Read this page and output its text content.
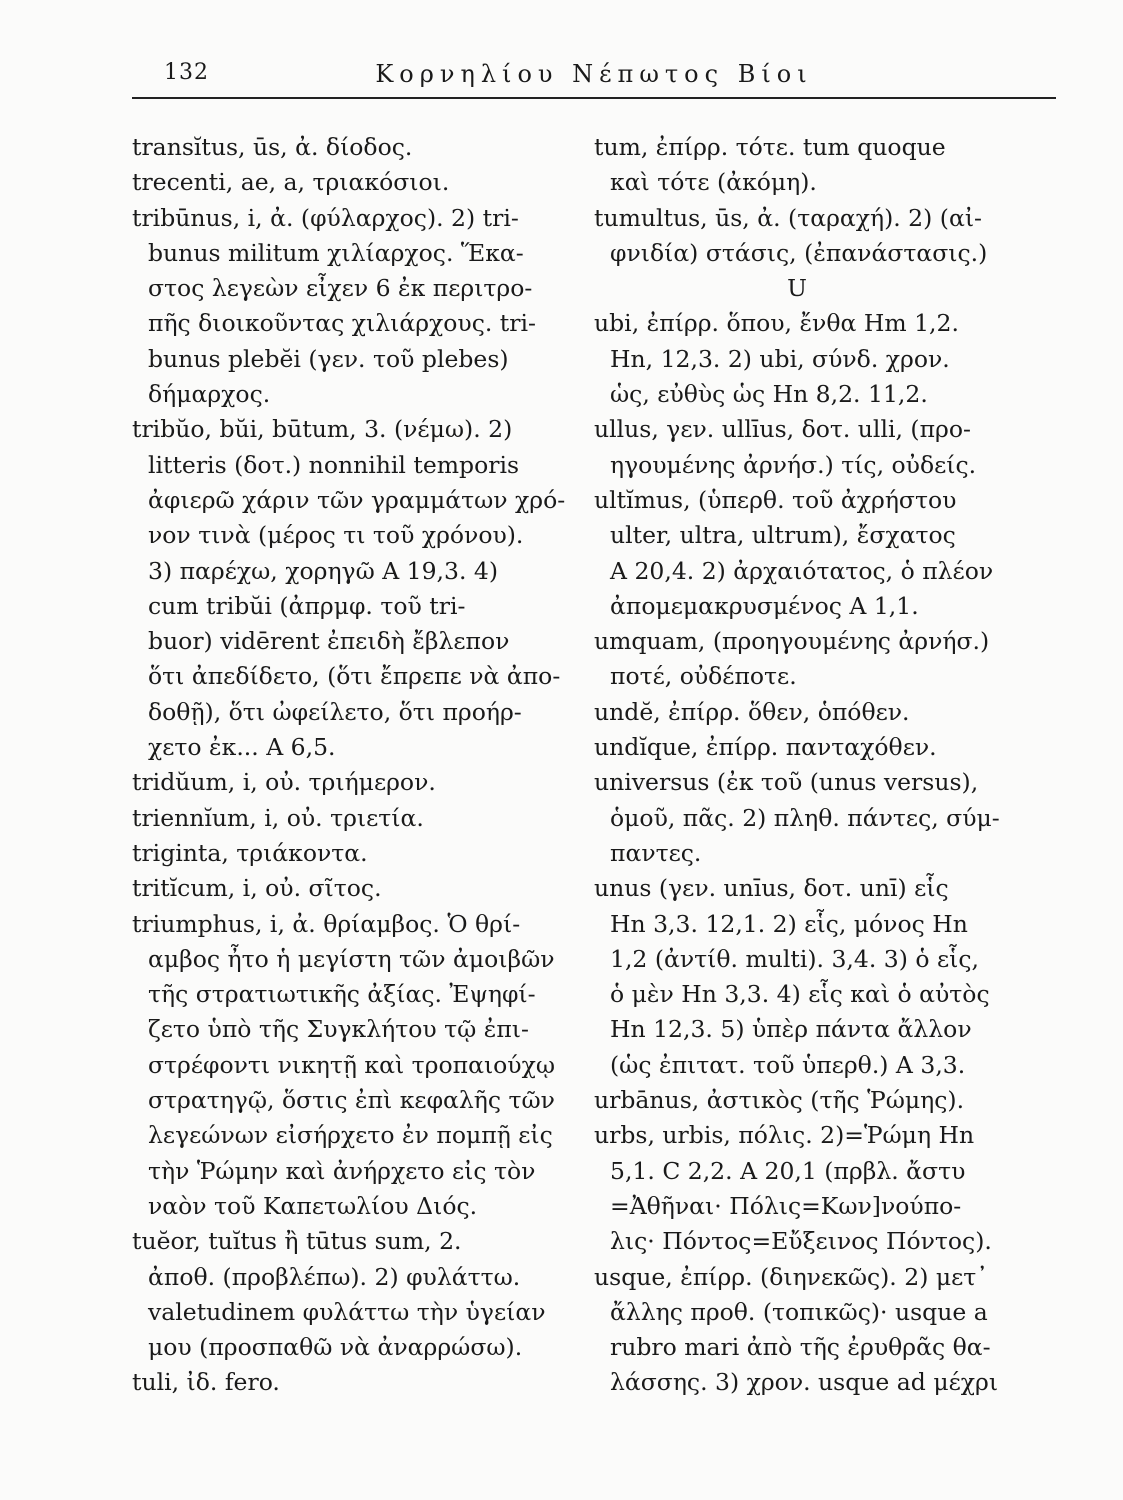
132	Κορνηλίου Νέπωτος Βίοι
transĭtus, ūs, ἀ. δίοδος.
trecenti, ae, a, τριακόσιοι.
tribūnus, i, ἀ. (φύλαρχος). 2) tri-
bunus militum χιλίαρχος. Ἕκα-
στος λεγεὼν εἶχεν 6 ἐκ περιτρο-
πῆς διοικοῦντας χιλιάρχους. tri-
bunus plebĕi (γεν. τοῦ plebes)
δήμαρχος.
tribŭo, bŭi, būtum, 3. (νέμω). 2)
litteris (δοτ.) nonnihil temporis
ἀφιερῶ χάριν τῶν γραμμάτων χρό-
νον τινὰ (μέρος τι τοῦ χρόνου).
3) παρέχω, χορηγῶ A 19,3. 4)
cum tribŭi (ἀπρμφ. τοῦ tri-
buor) vidērent ἐπειδὴ ἔβλεπον
ὅτι ἀπεδίδετο, (ὅτι ἔπρεπε νὰ ἀπο-
δοθῇ), ὅτι ὠφείλετο, ὅτι προήρ-
χετο ἐκ... A 6,5.
tridŭum, i, οὐ. τριήμερον.
triennĭum, i, οὐ. τριετία.
triginta, τριάκοντα.
tritĭcum, i, οὐ. σῖτος.
triumphus, i, ἀ. θρίαμβος. Ὁ θρί-
αμβος ἦτο ἡ μεγίστη τῶν ἀμοιβῶν
τῆς στρατιωτικῆς ἀξίας. Ἐψηφί-
ζετο ὑπὸ τῆς Συγκλήτου τῷ ἐπι-
στρέφοντι νικητῇ καὶ τροπαιούχῳ
στρατηγῷ, ὅστις ἐπὶ κεφαλῆς τῶν
λεγεώνων εἰσήρχετο ἐν πομπῇ εἰς
τὴν Ῥώμην καὶ ἀνήρχετο εἰς τὸν
ναὸν τοῦ Καπετωλίου Διός.
tuĕor, tuĭtus ἢ tūtus sum, 2.
ἀποθ. (προβλέπω). 2) φυλάττω.
valetudinem φυλάττω τὴν ὑγείαν
μου (προσπαθῶ νὰ ἀναρρώσω).
tuli, ἰδ. fero.
tum, ἐπίρρ. τότε. tum quoque
καὶ τότε (ἀκόμη).
tumultus, ūs, ἀ. (ταραχή). 2) (αἰ-
φνιδία) στάσις, (ἐπανάστασις.)
U
ubi, ἐπίρρ. ὅπου, ἔνθα Hm 1,2.
Hn, 12,3. 2) ubi, σύνδ. χρον.
ὡς, εὐθὺς ὡς Hn 8,2. 11,2.
ullus, γεν. ullīus, δοτ. ulli, (προ-
ηγουμένης ἀρνήσ.) τίς, οὐδείς.
ultĭmus, (ὑπερθ. τοῦ ἀχρήστου
ulter, ultra, ultrum), ἔσχατος
A 20,4. 2) ἀρχαιότατος, ὁ πλέον
ἀπομεμακρυσμένος A 1,1.
umquam, (προηγουμένης ἀρνήσ.)
ποτέ, οὐδέποτε.
undĕ, ἐπίρρ. ὅθεν, ὁπόθεν.
undĭque, ἐπίρρ. πανταχόθεν.
universus (ἐκ τοῦ (unus versus),
ὁμοῦ, πᾶς. 2) πληθ. πάντες, σύμ-
παντες.
unus (γεν. unīus, δοτ. unī) εἷς
Hn 3,3. 12,1. 2) εἷς, μόνος Hn
1,2 (ἀντίθ. multi). 3,4. 3) ὁ εἷς,
ὁ μὲν Hn 3,3. 4) εἷς καὶ ὁ αὐτὸς
Hn 12,3. 5) ὑπὲρ πάντα ἄλλον
(ὡς ἐπιτατ. τοῦ ὑπερθ.) A 3,3.
urbānus, ἀστικὸς (τῆς Ῥώμης).
urbs, urbis, πόλις. 2)=Ῥώμη Hn
5,1. C 2,2. A 20,1 (πρβλ. ἄστυ
=Ἀθῆναι· Πόλις=Κων]νούπο-
λις· Πόντος=Εὔξεινος Πόντος).
usque, ἐπίρρ. (διηνεκῶς). 2) μετ᾽
ἄλλης προθ. (τοπικῶς)· usque a
rubro mari ἀπὸ τῆς ἐρυθρᾶς θα-
λάσσης. 3) χρον. usque ad μέχρι
